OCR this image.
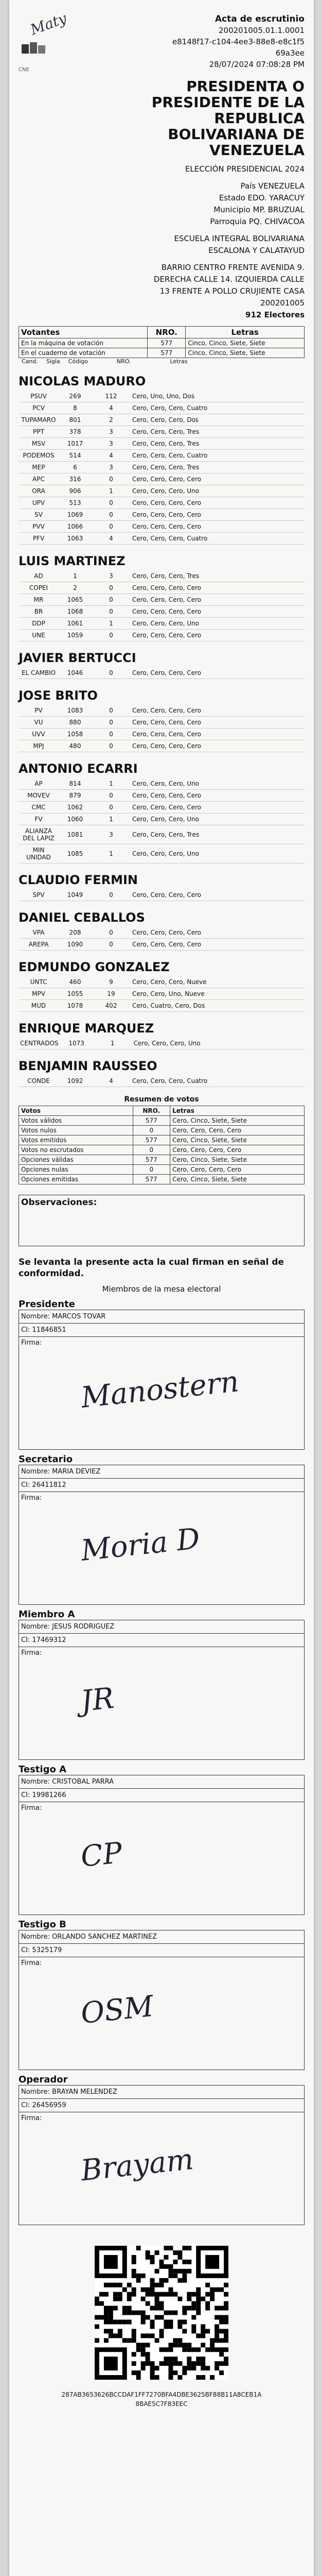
Maty
CNE
Acta de escrutinio
200201005.01.1.0001
e8148f17-c104-4ee3-88e8-e8c1f569a3ee
28/07/2024 07:08:28 PM
PRESIDENTA O PRESIDENTE DE LA REPUBLICA BOLIVARIANA DE VENEZUELA
ELECCIÓN PRESIDENCIAL 2024
País VENEZUELA
Estado EDO. YARACUY
Municipio MP. BRUZUAL
Parroquia PQ. CHIVACOA
ESCUELA INTEGRAL BOLIVARIANA ESCALONA Y CALATAYUD
BARRIO CENTRO FRENTE AVENIDA 9. DERECHA CALLE 14. IZQUIERDA CALLE 13 FRENTE A POLLO CRUJIENTE CASA
200201005
912 Electores
Votantes	NRO.	Letras
En la máquina de votación	577	Cinco, Cinco, Siete, Siete
En el cuaderno de votación	577	Cinco, Cinco, Siete, Siete
Cand. Sigla Código	NRO.	Letras
NICOLAS MADURO
PSUV	269	112	Cero, Uno, Uno, Dos
PCV	8	4	Cero, Cero, Cero, Cuatro
TUPAMARO	801	2	Cero, Cero, Cero, Dos
PPT	378	3	Cero, Cero, Cero, Tres
MSV	1017	3	Cero, Cero, Cero, Tres
PODEMOS	514	4	Cero, Cero, Cero, Cuatro
MEP	6	3	Cero, Cero, Cero, Tres
APC	316	0	Cero, Cero, Cero, Cero
ORA	906	1	Cero, Cero, Cero, Uno
UPV	513	0	Cero, Cero, Cero, Cero
SV	1069	0	Cero, Cero, Cero, Cero
PVV	1066	0	Cero, Cero, Cero, Cero
PFV	1063	4	Cero, Cero, Cero, Cuatro
LUIS MARTINEZ
AD	1	3	Cero, Cero, Cero, Tres
COPEI	2	0	Cero, Cero, Cero, Cero
MR	1065	0	Cero, Cero, Cero, Cero
BR	1068	0	Cero, Cero, Cero, Cero
DDP	1061	1	Cero, Cero, Cero, Uno
UNE	1059	0	Cero, Cero, Cero, Cero
JAVIER BERTUCCI
EL CAMBIO	1046	0	Cero, Cero, Cero, Cero
JOSE BRITO
PV	1083	0	Cero, Cero, Cero, Cero
VU	880	0	Cero, Cero, Cero, Cero
UVV	1058	0	Cero, Cero, Cero, Cero
MPJ	480	0	Cero, Cero, Cero, Cero
ANTONIO ECARRI
AP	814	1	Cero, Cero, Cero, Uno
MOVEV	879	0	Cero, Cero, Cero, Cero
CMC	1062	0	Cero, Cero, Cero, Cero
FV	1060	1	Cero, Cero, Cero, Uno
ALIANZA DEL LAPIZ	1081	3	Cero, Cero, Cero, Tres
MIN UNIDAD	1085	1	Cero, Cero, Cero, Uno
CLAUDIO FERMIN
SPV	1049	0	Cero, Cero, Cero, Cero
DANIEL CEBALLOS
VPA	208	0	Cero, Cero, Cero, Cero
AREPA	1090	0	Cero, Cero, Cero, Cero
EDMUNDO GONZALEZ
UNTC	460	9	Cero, Cero, Cero, Nueve
MPV	1055	19	Cero, Cero, Uno, Nueve
MUD	1078	402	Cero, Cuatro, Cero, Dos
ENRIQUE MARQUEZ
CENTRADOS	1073	1	Cero, Cero, Cero, Uno
BENJAMIN RAUSSEO
CONDE	1092	4	Cero, Cero, Cero, Cuatro
Resumen de votos
Votos	NRO.	Letras
Votos válidos	577	Cero, Cinco, Siete, Siete
Votos nulos	0	Cero, Cero, Cero, Cero
Votos emitidos	577	Cero, Cinco, Siete, Siete
Votos no escrutados	0	Cero, Cero, Cero, Cero
Opciones válidas	577	Cero, Cinco, Siete, Siete
Opciones nulas	0	Cero, Cero, Cero, Cero
Opciones emitidas	577	Cero, Cinco, Siete, Siete
Observaciones:
Se levanta la presente acta la cual firman en señal de conformidad.
Miembros de la mesa electoral
Presidente
Nombre: MARCOS TOVAR
CI: 11846851
Firma:
Manostern
Secretario
Nombre: MARIA DEVIEZ
CI: 26411812
Firma:
Moria D
Miembro A
Nombre: JESUS RODRIGUEZ
CI: 17469312
Firma:
JR
Testigo A
Nombre: CRISTOBAL PARRA
CI: 19981266
Firma:
CP
Testigo B
Nombre: ORLANDO SANCHEZ MARTINEZ
CI: 5325179
Firma:
OSM
Operador
Nombre: BRAYAN MELENDEZ
CI: 26456959
Firma:
Brayam
287AB3653626BCCDAF1FF7270BFA4DBE3625BF88B11A8CEB1A8BAE5C7F83EEC
